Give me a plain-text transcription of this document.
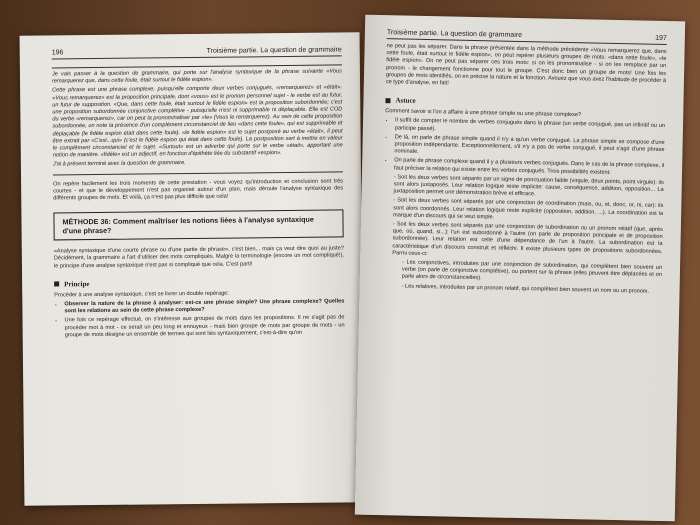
196	Troisième partie. La question de grammaire

Je vais passer à la question de grammaire, qui porte sur l'analyse syntaxique de la phrase suivante «Vous remarquerez que, dans cette foule, était surtout le fidèle espion».

Cette phrase est une phrase complexe, puisqu'elle comporte deux verbes conjugués, «remarquerez» et «était». «Vous remarquerez» est la proposition principale, dont «vous» est le pronom personnel sujet - le verbe est au futur, un futur de supposition. «Que, dans cette foule, était surtout le fidèle espion» est la proposition subordonnée; c'est une proposition subordonnée conjonctive complétive - puisqu'elle n'est ni supprimable ni déplaçable. Elle est COD du verbe «remarquerez», car on peut la pronominaliser par «le» (Vous le remarquerez). Au sein de cette proposition subordonnée, on note la présence d'un complément circonstanciel de lieu «dans cette foule», qui est supprimable et déplaçable (le fidèle espion était dans cette foule). «le fidèle espion» est le sujet postposé au verbe «était», il peut être extrait par «C'est...qui» (c'est le fidèle espion qui était dans cette foule). La postposition sert à mettre en valeur le complément circonstanciel et le sujet. «Surtout» est un adverbe qui porte sur le verbe «était», apportant une notion de manière. «fidèle» est un adjectif, en fonction d'épithète liée du substantif «espion».

J'ai à présent terminé avec la question de grammaire.

On repère facilement les trois moments de cette prestation - vous voyez qu'introduction et conclusion sont très courtes - et que le développement n'est pas organisé autour d'un plan, mais déroule l'analyse syntaxique des différents groupes de mots. Et voilà, ça n'est pas plus difficile que cela!

MÉTHODE 36: Comment maîtriser les notions liées à l'analyse syntaxique d'une phrase?

«Analyse syntaxique d'une courte phrase ou d'une partie de phrase», c'est bien... mais ça veut dire quoi au juste? Décidément, la grammaire a l'art d'utiliser des mots compliqués. Malgré la terminologie (encore un mot compliqué!), le principe d'une analyse syntaxique n'est pas si compliqué que cela. C'est parti!

Principe

Procéder à une analyse syntaxique, c'est se livrer un double repérage:

• Observer la nature de la phrase à analyser: est-ce une phrase simple? Une phrase complexe? Quelles sont les relations au sein de cette phrase complexe?
• Une fois ce repérage effectué, on s'intéresse aux groupes de mots dans les propositions. Il ne s'agit pas de procéder mot à mot - ce serait un peu long et ennuyeux - mais bien groupe de mots par groupe de mots - un groupe de mots désigne un ensemble de termes qui sont liés syntaxiquement, c'est-à-dire qu'on
Troisième partie. La question de grammaire	197

ne peut pas les séparer. Dans la phrase présentée dans la méthode précédente «Vous remarquerez que, dans cette foule, était surtout le fidèle espion», on peut repérer plusieurs groupes de mots: «dans cette foule», «le fidèle espion». On ne peut pas séparer ces trois mots: si on les pronominalise - si on les remplace par un pronom - le changement fonctionne pour tout le groupe. C'est donc bien un groupe de mots! Une fois les groupes de mots identifiés, on en précise la nature et la fonction. Avouez que vous avez l'habitude de procéder à ce type d'analyse, en fait!

Astuce

Comment savoir si l'on a affaire à une phrase simple ou une phrase complexe?

• Il suffit de compter le nombre de verbes conjugués dans la phrase (un verbe conjugué, pas un infinitif ou un participe passé).
• De là, on parle de phrase simple quand il n'y a qu'un verbe conjugué. La phrase simple se compose d'une proposition indépendante. Exceptionnellement, s'il n'y a pas de verbe conjugué, il peut s'agir d'une phrase nominale.
• On parle de phrase complexe quand il y a plusieurs verbes conjugués. Dans le cas de la phrase complexe, il faut préciser la relation qui existe entre les verbes conjugués. Trois possibilités existent:
- Soit les deux verbes sont séparés par un signe de ponctuation faible (virgule, deux points, point virgule): ils sont alors juxtaposés. Leur relation logique reste implicite: cause, conséquence, addition, opposition... La juxtaposition permet une démonstration brève et efficace.
- Soit les deux verbes sont séparés par une conjonction de coordination (mais, ou, et, donc, or, ni, car): ils sont alors coordonnés. Leur relation logique reste explicite (opposition, addition, ...). La coordination est la marque d'un discours qui se veut simple.
- Soit les deux verbes sont séparés par une conjonction de subordination ou un pronom relatif (que, après que, où, quand, si...): l'un est subordonné à l'autre (on parle de proposition principale et de proposition subordonnée). Leur relation est celle d'une dépendance de l'un à l'autre. La subordination est la caractéristique d'un discours construit et réfléchi. Il existe plusieurs types de propositions subordonnées. Parmi ceux-ci:
- Les conjonctives, introduites par une conjonction de subordination, qui complètent bien souvent un verbe (on parle de conjonctive complétive), ou portent sur la phrase (elles peuvent être déplacées et on parle alors de circonstancielles).
- Les relatives, introduites par un pronom relatif, qui complètent bien souvent un nom ou un pronom.
